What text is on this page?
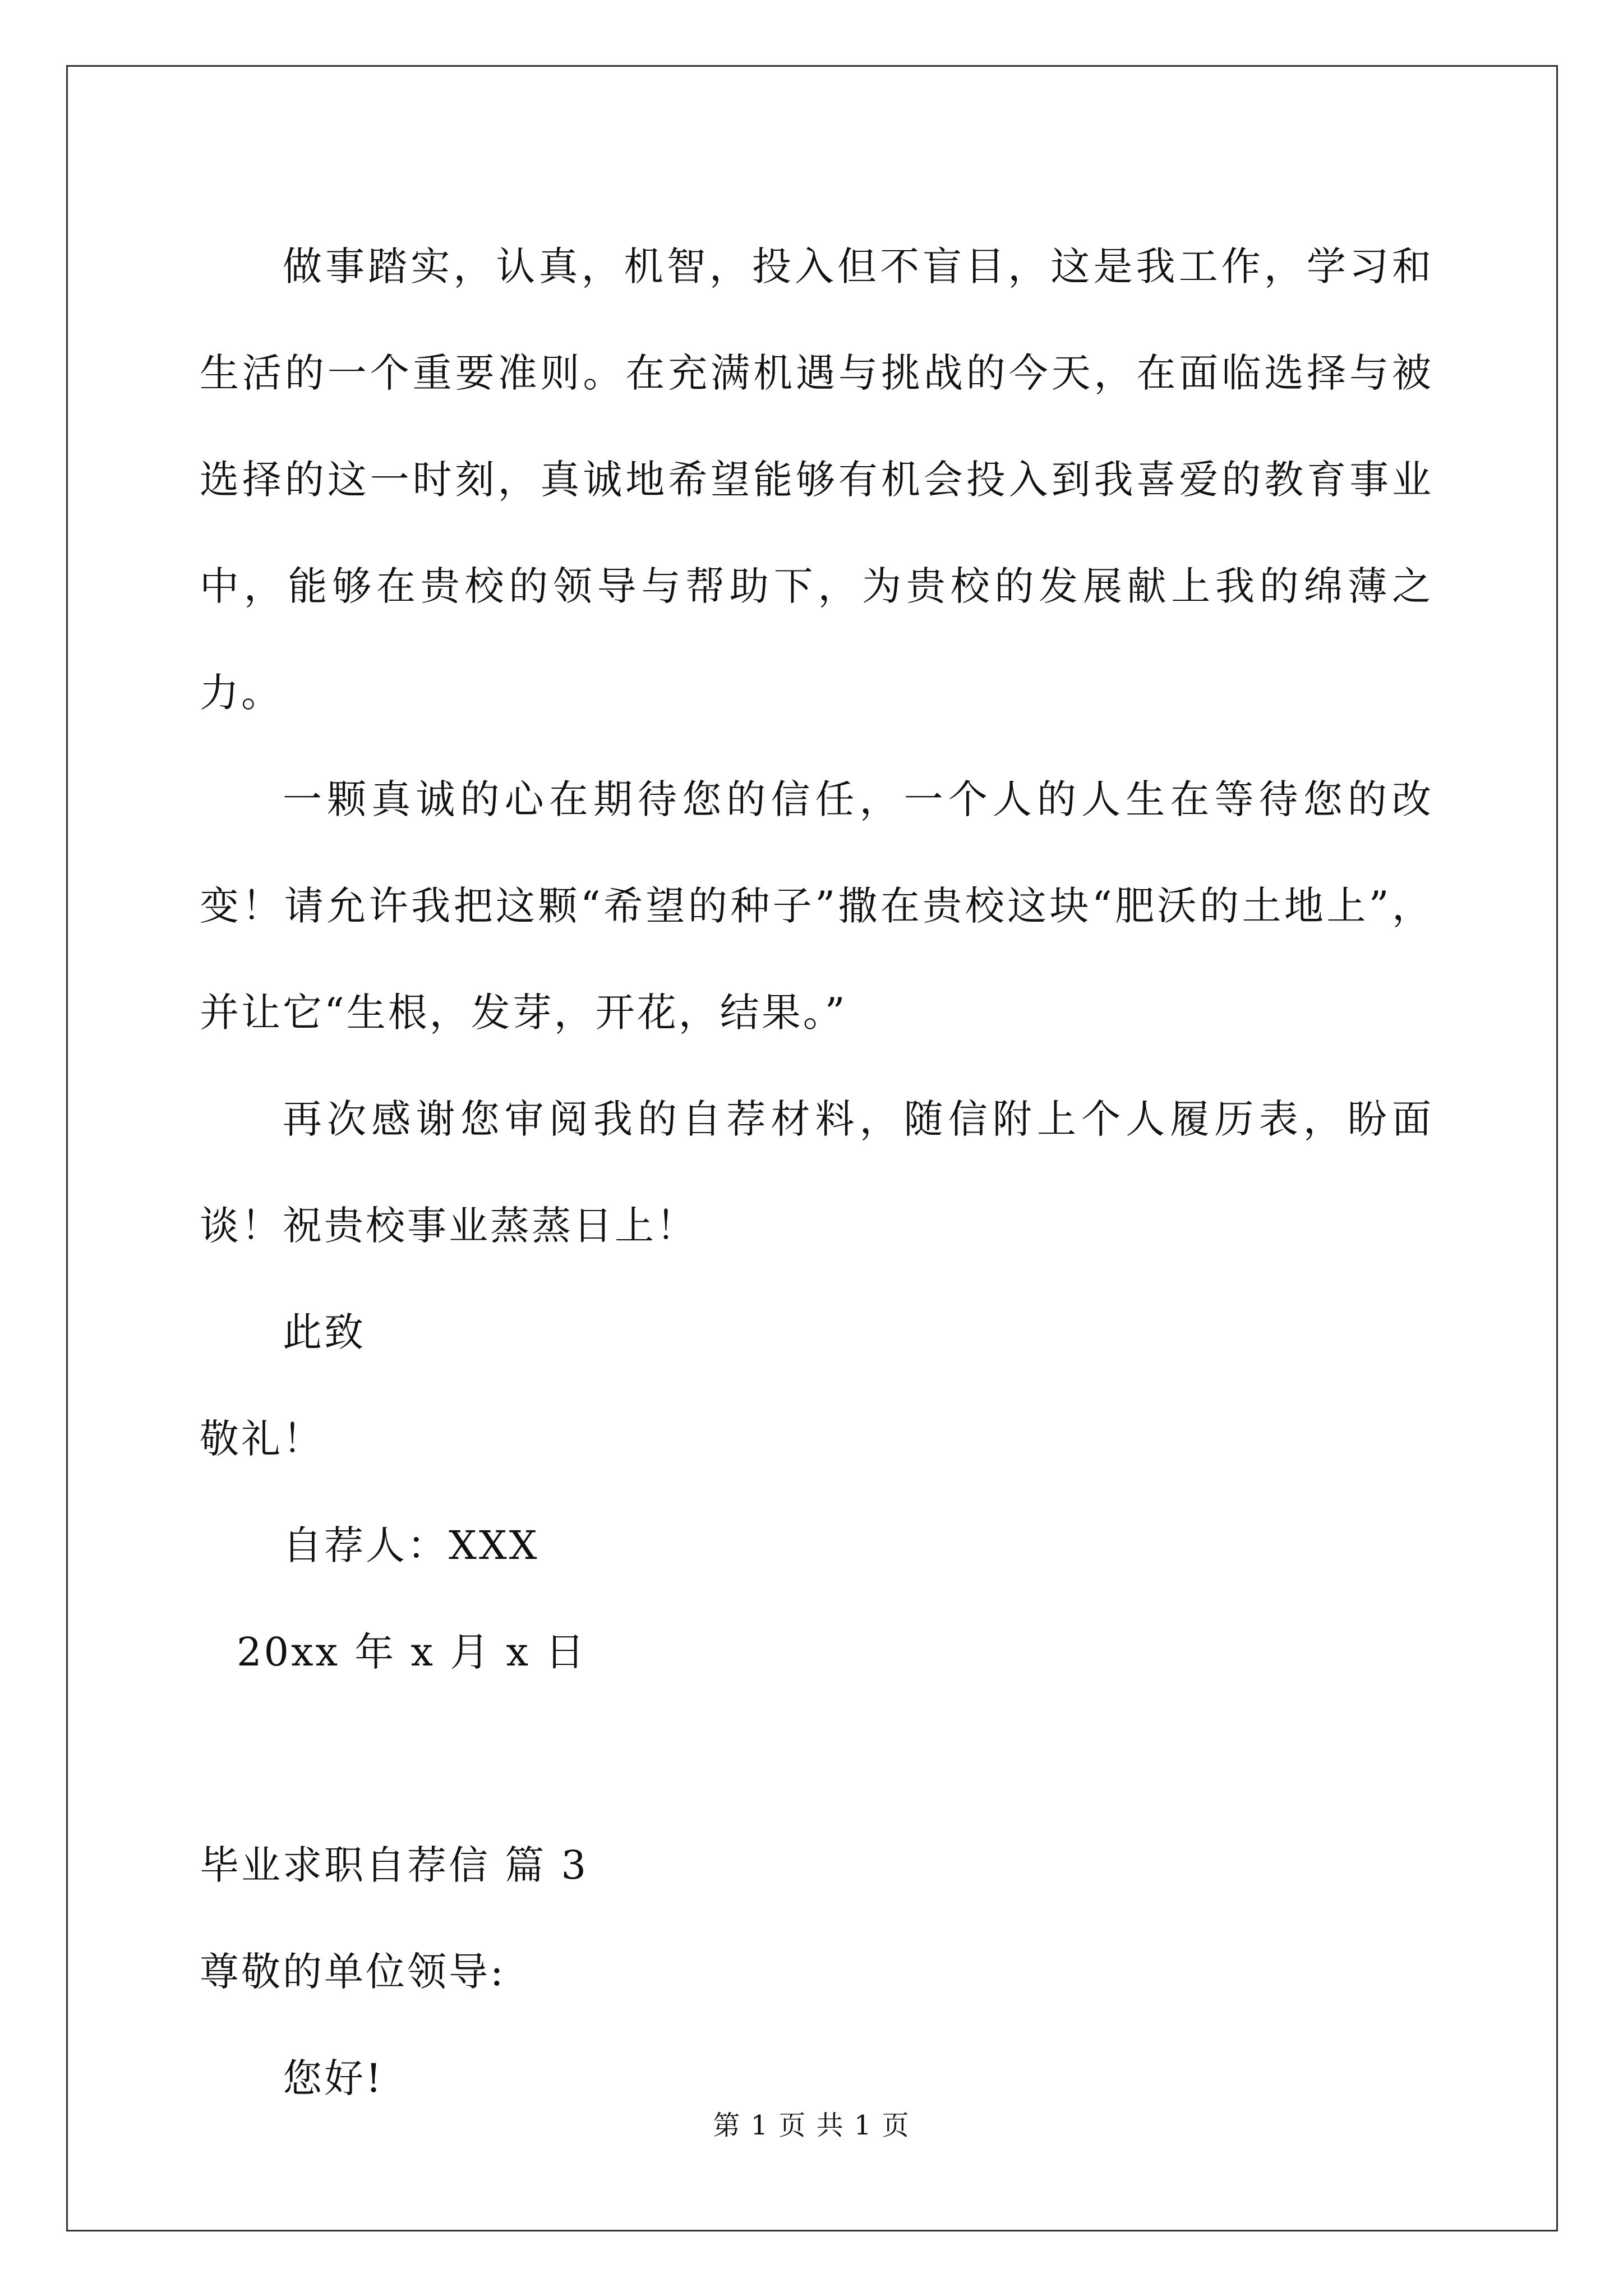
做事踏实，认真，机智，投入但不盲目，这是我工作，学习和生活的一个重要准则。在充满机遇与挑战的今天，在面临选择与被选择的这一时刻，真诚地希望能够有机会投入到我喜爱的教育事业中，能够在贵校的领导与帮助下，为贵校的发展献上我的绵薄之力。

一颗真诚的心在期待您的信任，一个人的人生在等待您的改变！请允许我把这颗“希望的种子”撒在贵校这块“肥沃的土地上”，并让它“生根，发芽，开花，结果。”

再次感谢您审阅我的自荐材料，随信附上个人履历表，盼面谈！祝贵校事业蒸蒸日上！

此致

敬礼！

自荐人：XXX

20xx 年 x 月 x 日

毕业求职自荐信 篇 3

尊敬的单位领导:

您好!

第 1 页 共 1 页
